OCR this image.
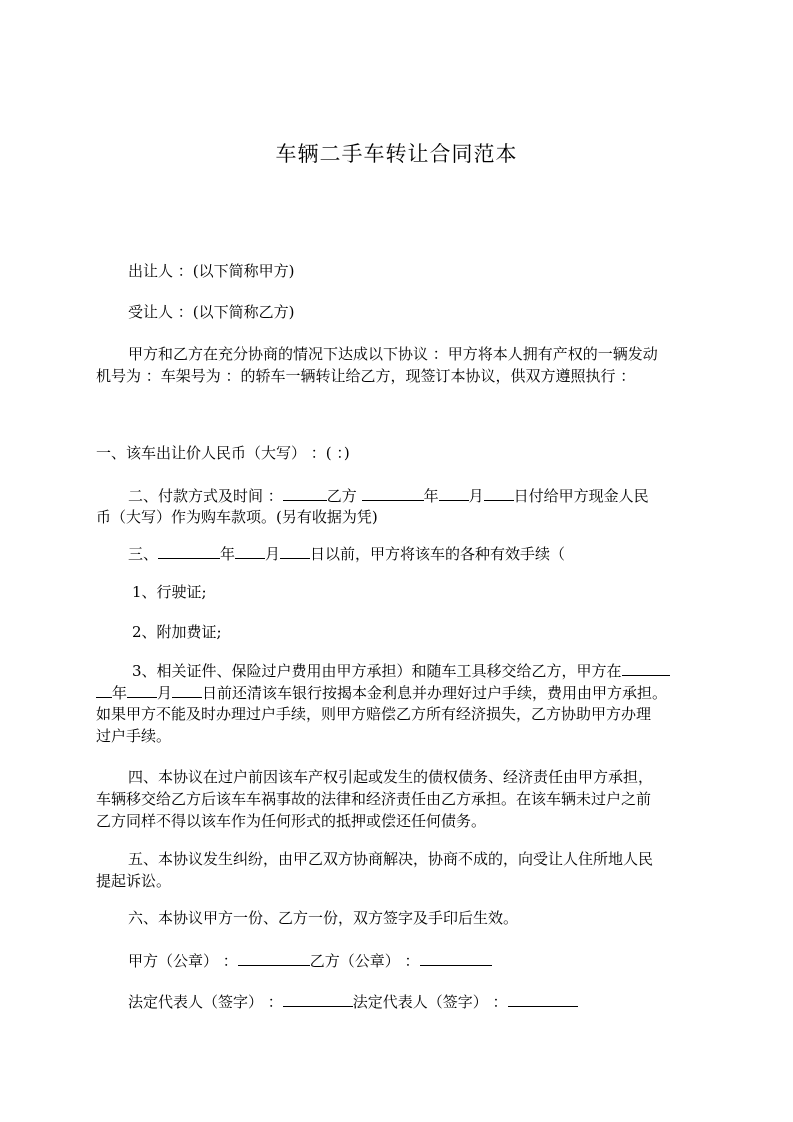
车辆二手车转让合同范本
出让人 ：(以下简称甲方)
受让人 ：(以下简称乙方)
甲方和乙方在充分协商的情况下达成以下协议 ：甲方将本人拥有产权的一辆发动
机号为 ：车架号为 ：的轿车一辆转让给乙方，现签订本协议，供双方遵照执行 ：
一、该车出让价人民币（大写） ：( ：)
二、付款方式及时间 ：	乙方	年 月 日付给甲方现金人民
币（大写）作为购车款项。(另有收据为凭)
三、	年 月 日以前，甲方将该车的各种有效手续（
1、行驶证;
2、附加费证;
3、相关证件、保险过户费用由甲方承担）和随车工具移交给乙方，甲方在
年 月 日前还清该车银行按揭本金利息并办理好过户手续，费用由甲方承担。
如果甲方不能及时办理过户手续，则甲方赔偿乙方所有经济损失，乙方协助甲方办理
过户手续。
四、本协议在过户前因该车产权引起或发生的债权债务、经济责任由甲方承担，
车辆移交给乙方后该车车祸事故的法律和经济责任由乙方承担。在该车辆未过户之前
乙方同样不得以该车作为任何形式的抵押或偿还任何债务。
五、本协议发生纠纷，由甲乙双方协商解决，协商不成的，向受让人住所地人民
提起诉讼。
六、本协议甲方一份、乙方一份，双方签字及手印后生效。
甲方（公章） ：	乙方（公章） ：
法定代表人（签字） ：	法定代表人（签字） ：
